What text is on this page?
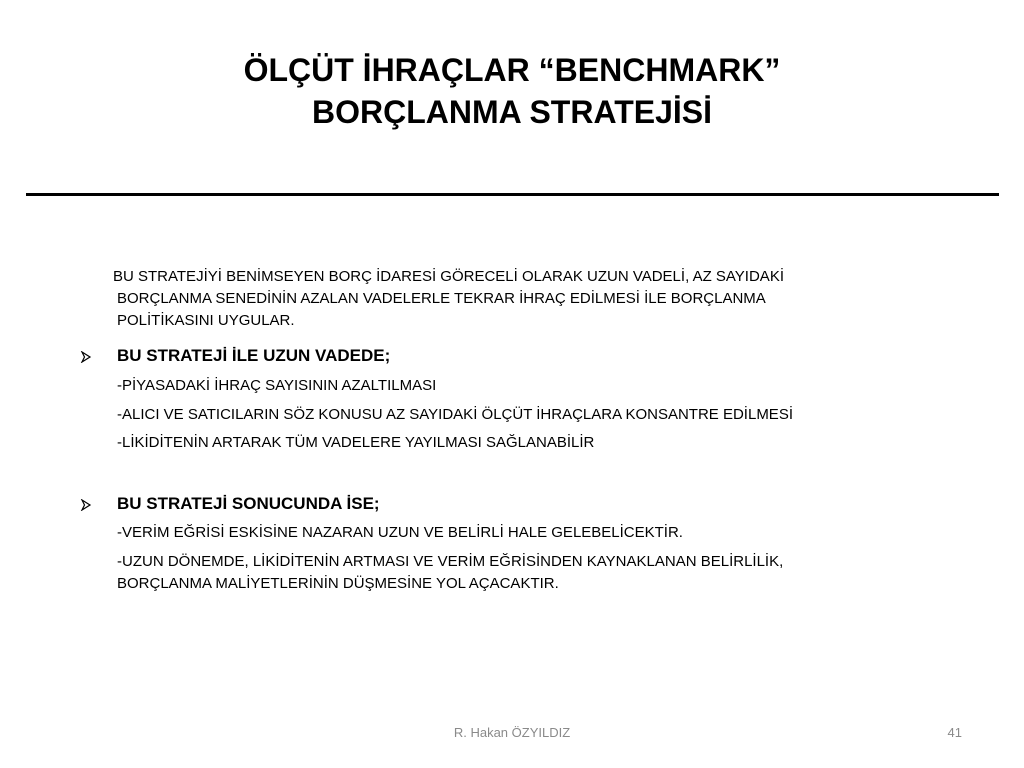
ÖLÇÜT İHRAÇLAR “BENCHMARK”
BORÇLANMA STRATEJİSİ
BU STRATEJİYİ BENİMSEYEN BORÇ İDARESİ GÖRECELİ OLARAK UZUN VADELİ, AZ SAYIDAKİ
BORÇLANMA SENEDİNİN AZALAN VADELERLE TEKRAR İHRAÇ EDİLMESİ İLE BORÇLANMA
POLİTİKASINI UYGULAR.
BU STRATEJİ İLE UZUN VADEDE;
-PİYASADAKİ İHRAÇ SAYISININ AZALTILMASI
-ALICI VE SATICILARIN SÖZ KONUSU AZ SAYIDAKİ ÖLÇÜT İHRAÇLARA KONSANTRE EDİLMESİ
-LİKİDİTENİN ARTARAK TÜM VADELERE YAYILMASI SAĞLANABİLİR
BU STRATEJİ SONUCUNDA İSE;
-VERİM EĞRİSİ ESKİSİNE NAZARAN UZUN VE BELİRLİ HALE GELEBELİCEKTİR.
-UZUN DÖNEMDE, LİKİDİTENİN ARTMASI VE VERİM EĞRİSİNDEN KAYNAKLANAN BELİRLİLİK,
BORÇLANMA MALİYETLERİNİN DÜŞMESİNE YOL AÇACAKTIR.
R. Hakan ÖZYILDIZ	41
